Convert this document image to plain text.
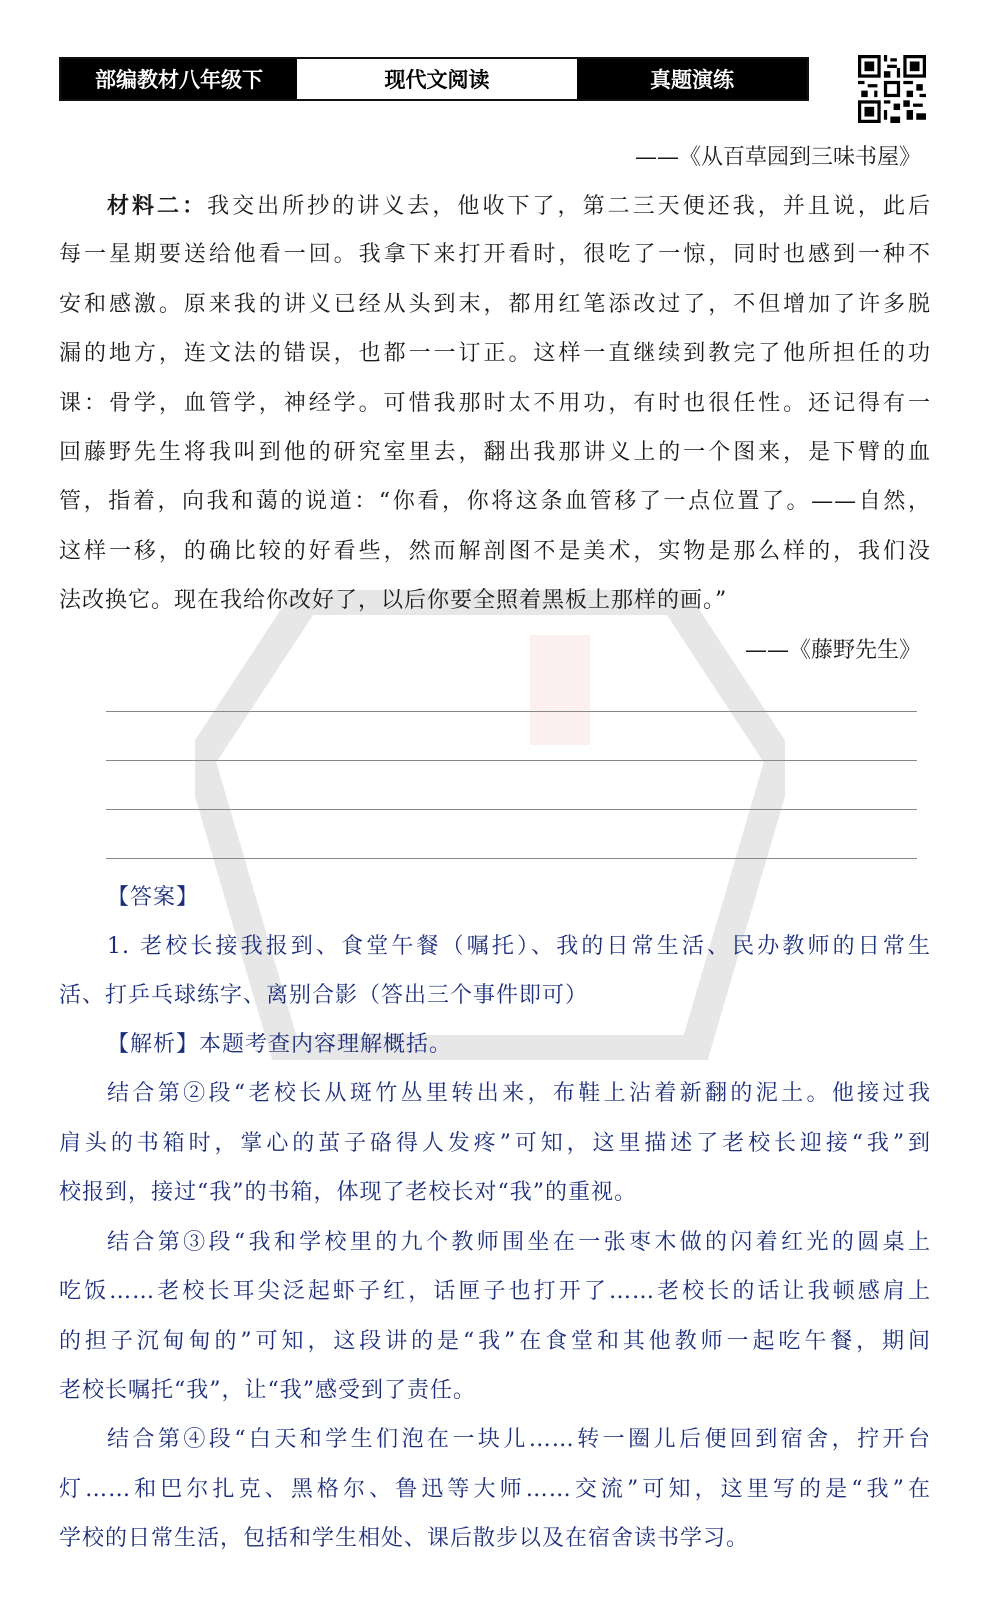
部编教材八年级下	现代文阅读	真题演练
——《从百草园到三味书屋》
材料二：我交出所抄的讲义去，他收下了，第二三天便还我，并且说，此后
每一星期要送给他看一回。我拿下来打开看时，很吃了一惊，同时也感到一种不
安和感激。原来我的讲义已经从头到末，都用红笔添改过了，不但增加了许多脱
漏的地方，连文法的错误，也都一一订正。这样一直继续到教完了他所担任的功
课：骨学，血管学，神经学。可惜我那时太不用功，有时也很任性。还记得有一
回藤野先生将我叫到他的研究室里去，翻出我那讲义上的一个图来，是下臂的血
管，指着，向我和蔼的说道：“你看，你将这条血管移了一点位置了。——自然，
这样一移，的确比较的好看些，然而解剖图不是美术，实物是那么样的，我们没
法改换它。现在我给你改好了，以后你要全照着黑板上那样的画。”
——《藤野先生》
【答案】
1. 老校长接我报到、食堂午餐（嘱托）、我的日常生活、民办教师的日常生
活、打乒乓球练字、离别合影（答出三个事件即可）
【解析】本题考查内容理解概括。
结合第②段“老校长从斑竹丛里转出来，布鞋上沾着新翻的泥土。他接过我
肩头的书箱时，掌心的茧子硌得人发疼”可知，这里描述了老校长迎接“我”到
校报到，接过“我”的书箱，体现了老校长对“我”的重视。
结合第③段“我和学校里的九个教师围坐在一张枣木做的闪着红光的圆桌上
吃饭……老校长耳尖泛起虾子红，话匣子也打开了……老校长的话让我顿感肩上
的担子沉甸甸的”可知，这段讲的是“我”在食堂和其他教师一起吃午餐，期间
老校长嘱托“我”，让“我”感受到了责任。
结合第④段“白天和学生们泡在一块儿……转一圈儿后便回到宿舍，拧开台
灯……和巴尔扎克、黑格尔、鲁迅等大师……交流”可知，这里写的是“我”在
学校的日常生活，包括和学生相处、课后散步以及在宿舍读书学习。
